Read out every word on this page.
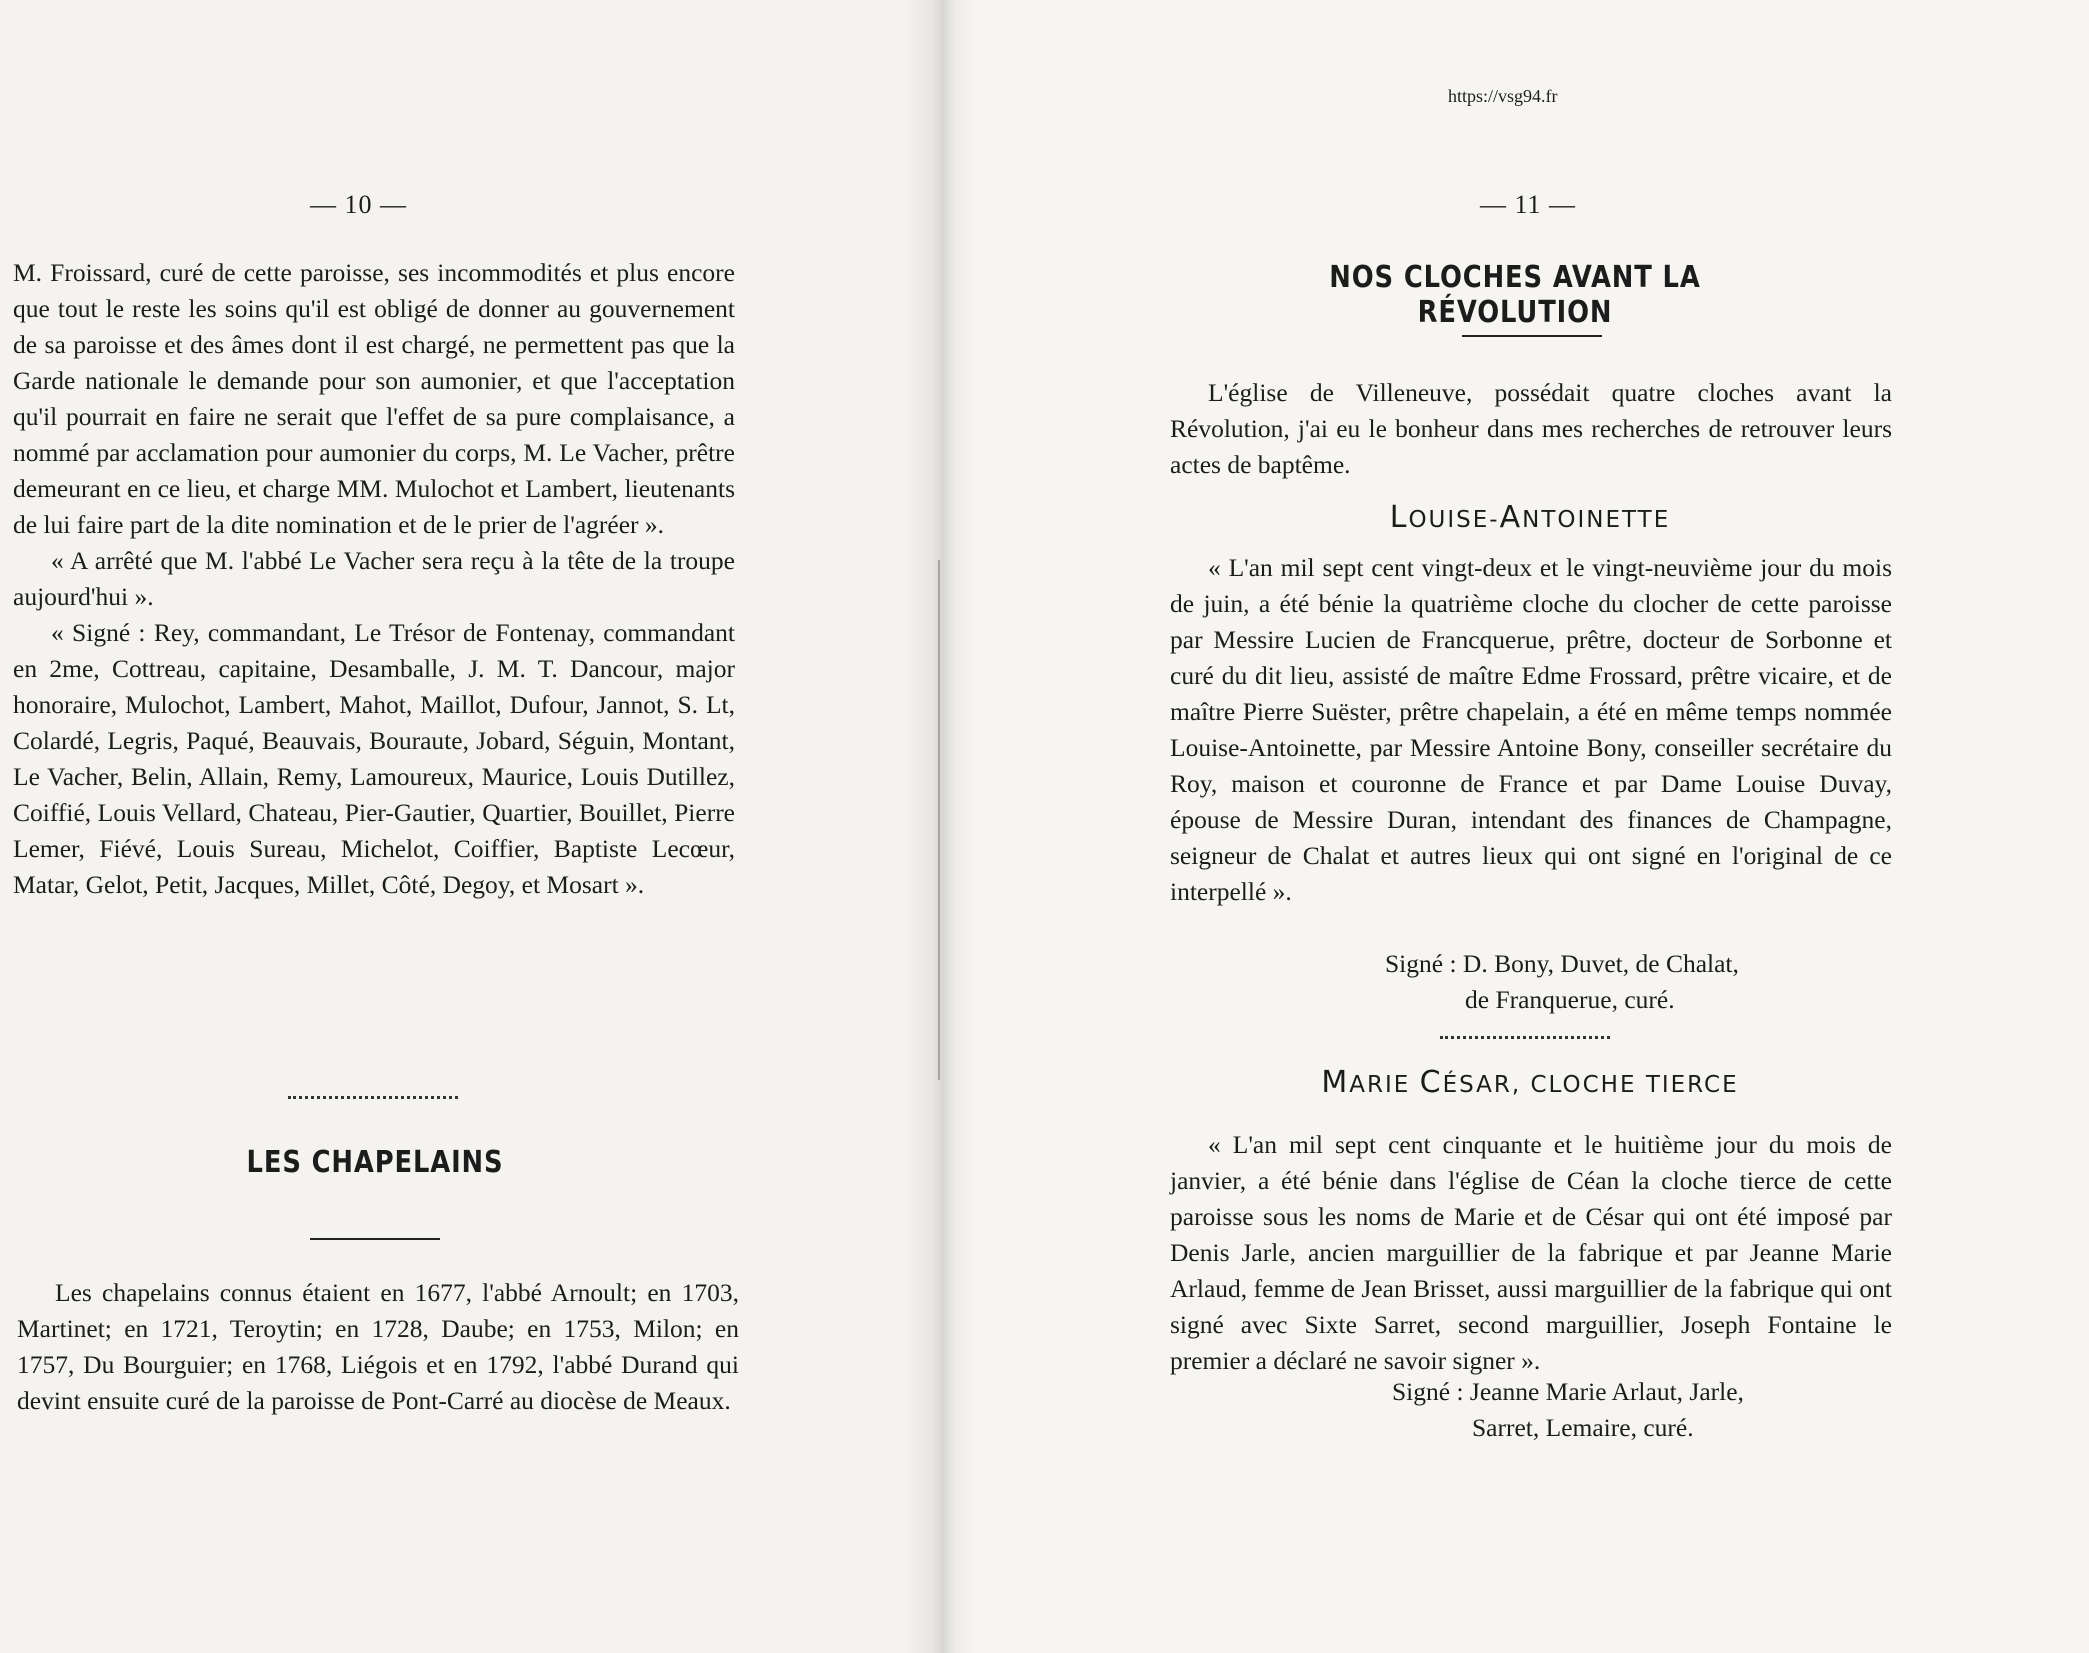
— 10 —

M. Froissard, curé de cette paroisse, ses incommodités et plus encore que tout le reste les soins qu'il est obligé de donner au gouvernement de sa paroisse et des âmes dont il est chargé, ne permettent pas que la Garde nationale le demande pour son aumonier, et que l'acceptation qu'il pourrait en faire ne serait que l'effet de sa pure complaisance, a nommé par acclamation pour aumonier du corps, M. Le Vacher, prêtre demeurant en ce lieu, et charge MM. Mulochot et Lambert, lieutenants de lui faire part de la dite nomination et de le prier de l'agréer ».

« A arrêté que M. l'abbé Le Vacher sera reçu à la tête de la troupe aujourd'hui ».

« Signé : Rey, commandant, Le Trésor de Fontenay, commandant en 2me, Cottreau, capitaine, Desamballe, J. M. T. Dancour, major honoraire, Mulochot, Lambert, Mahot, Maillot, Dufour, Jannot, S. Lt, Colardé, Legris, Paqué, Beauvais, Bouraute, Jobard, Séguin, Montant, Le Vacher, Belin, Allain, Remy, Lamoureux, Maurice, Louis Dutillez, Coiffié, Louis Vellard, Chateau, Pier-Gautier, Quartier, Bouillet, Pierre Lemer, Fiévé, Louis Sureau, Michelot, Coiffier, Baptiste Lecœur, Matar, Gelot, Petit, Jacques, Millet, Côté, Degoy, et Mosart ».

LES CHAPELAINS

Les chapelains connus étaient en 1677, l'abbé Arnoult; en 1703, Martinet; en 1721, Teroytin; en 1728, Daube; en 1753, Milon; en 1757, Du Bourguier; en 1768, Liégois et en 1792, l'abbé Durand qui devint ensuite curé de la paroisse de Pont-Carré au diocèse de Meaux.

https://vsg94.fr
— 11 —
NOS CLOCHES AVANT LA RÉVOLUTION

L'église de Villeneuve, possédait quatre cloches avant la Révolution, j'ai eu le bonheur dans mes recherches de retrouver leurs actes de baptême.

LOUISE-ANTOINETTE

« L'an mil sept cent vingt-deux et le vingt-neuvième jour du mois de juin, a été bénie la quatrième cloche du clocher de cette paroisse par Messire Lucien de Francquerue, prêtre, docteur de Sorbonne et curé du dit lieu, assisté de maître Edme Frossard, prêtre vicaire, et de maître Pierre Suëster, prêtre chapelain, a été en même temps nommée Louise-Antoinette, par Messire Antoine Bony, conseiller secrétaire du Roy, maison et couronne de France et par Dame Louise Duvay, épouse de Messire Duran, intendant des finances de Champagne, seigneur de Chalat et autres lieux qui ont signé en l'original de ce interpellé ».

Signé : D. Bony, Duvet, de Chalat,
de Franquerue, curé.
MARIE CÉSAR, CLOCHE TIERCE

« L'an mil sept cent cinquante et le huitième jour du mois de janvier, a été bénie dans l'église de Céan la cloche tierce de cette paroisse sous les noms de Marie et de César qui ont été imposé par Denis Jarle, ancien marguillier de la fabrique et par Jeanne Marie Arlaud, femme de Jean Brisset, aussi marguillier de la fabrique qui ont signé avec Sixte Sarret, second marguillier, Joseph Fontaine le premier a déclaré ne savoir signer ».

Signé : Jeanne Marie Arlaut, Jarle,
Sarret, Lemaire, curé.
